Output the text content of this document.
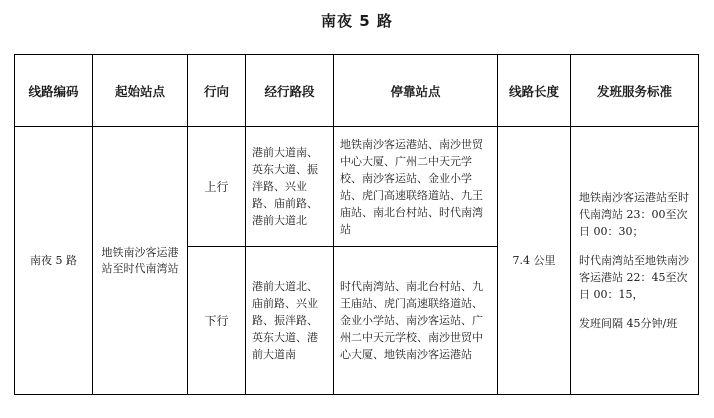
南夜 5 路
线路编码	起始站点	行向	经行路段	停靠站点	线路长度	发班服务标准
南夜 5 路	地铁南沙客运港站至时代南湾站	上行	港前大道南、英东大道、振泮路、兴业路、庙前路、港前大道北	地铁南沙客运港站、南沙世贸中心大厦、广州二中天元学校、南沙客运站、金业小学站、虎门高速联络道站、九王庙站、南北台村站、时代南湾站	7.4 公里	地铁南沙客运港站至时代南湾站 23：00至次日 00：30；
时代南湾站至地铁南沙客运港站 22：45至次日 00：15，
发班间隔 45分钟/班

		下行	港前大道北、庙前路、兴业路、振泮路、英东大道、港前大道南	时代南湾站、南北台村站、九王庙站、虎门高速联络道站、金业小学站、南沙客运站、广州二中天元学校、南沙世贸中心大厦、地铁南沙客运港站		
